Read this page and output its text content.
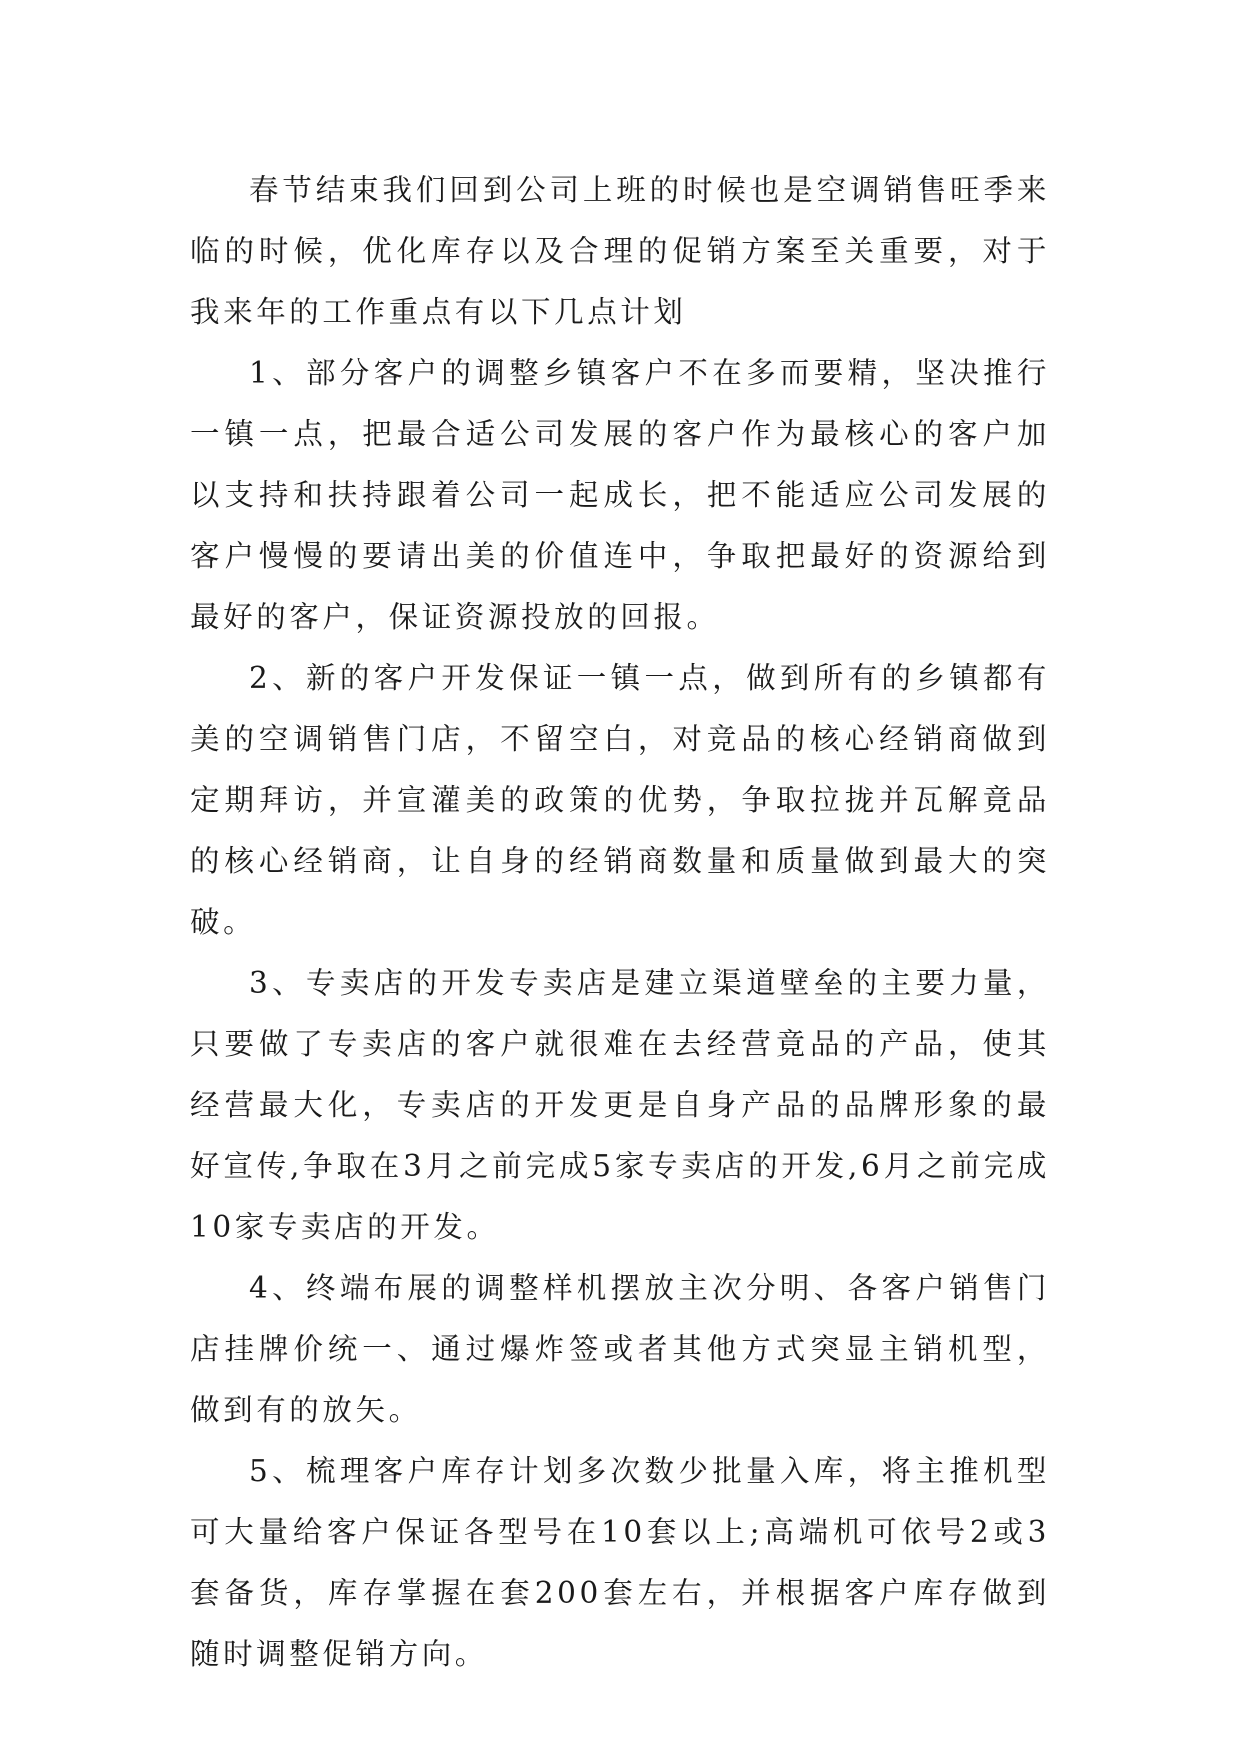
春节结束我们回到公司上班的时候也是空调销售旺季来临的时候，优化库存以及合理的促销方案至关重要，对于我来年的工作重点有以下几点计划

1、部分客户的调整乡镇客户不在多而要精，坚决推行一镇一点，把最合适公司发展的客户作为最核心的客户加以支持和扶持跟着公司一起成长，把不能适应公司发展的客户慢慢的要请出美的价值连中，争取把最好的资源给到最好的客户，保证资源投放的回报。

2、新的客户开发保证一镇一点，做到所有的乡镇都有美的空调销售门店，不留空白，对竞品的核心经销商做到定期拜访，并宣灌美的政策的优势，争取拉拢并瓦解竟品的核心经销商，让自身的经销商数量和质量做到最大的突破。

3、专卖店的开发专卖店是建立渠道壁垒的主要力量，只要做了专卖店的客户就很难在去经营竟品的产品，使其经营最大化，专卖店的开发更是自身产品的品牌形象的最好宣传,争取在3月之前完成5家专卖店的开发,6月之前完成10家专卖店的开发。

4、终端布展的调整样机摆放主次分明、各客户销售门店挂牌价统一、通过爆炸签或者其他方式突显主销机型，做到有的放矢。

5、梳理客户库存计划多次数少批量入库，将主推机型可大量给客户保证各型号在10套以上;高端机可依号2或3套备货，库存掌握在套200套左右，并根据客户库存做到随时调整促销方向。
